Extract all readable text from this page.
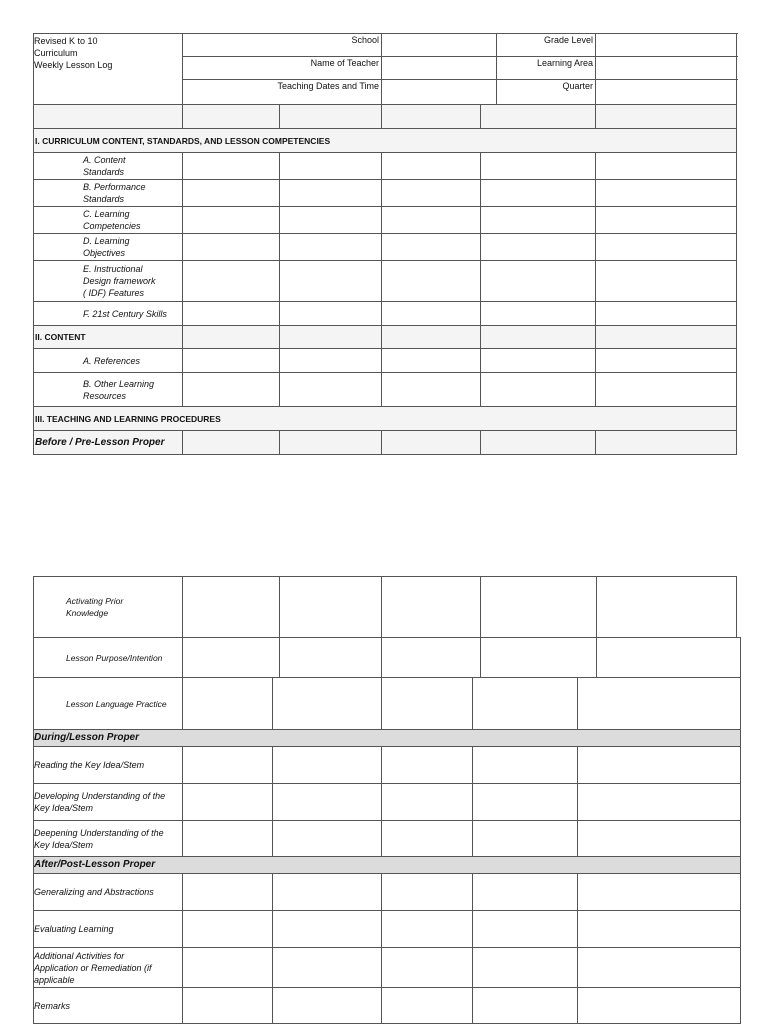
Revised K to 10
Curriculum
Weekly Lesson Log	School				Grade Level	
	Name of Teacher				Learning Area	
	Teaching Dates and Time				Quarter	

I. CURRICULUM CONTENT, STANDARDS, AND LESSON COMPETENCIES						

A. Content
Standards						

B. Performance
Standards						

C. Learning
Competencies						

D. Learning
Objectives						

E. Instructional
Design framework
( IDF) Features						

F. 21st Century Skills						
II. CONTENT						
A. References						

B. Other Learning
Resources						

III. TEACHING AND LEARNING PROCEDURES						
Before / Pre-Lesson Proper						
Activating Prior
Knowledge									

Lesson Purpose/Intention									
Lesson Language Practice									
During/Lesson Proper									
Reading the Key Idea/Stem									

Developing Understanding of the
Key Idea/Stem									

Deepening Understanding of the
Key Idea/Stem									

After/Post-Lesson Proper									
Generalizing and Abstractions									
Evaluating Learning									

Additional Activities for
Application or Remediation (if
applicable									

Remarks									
